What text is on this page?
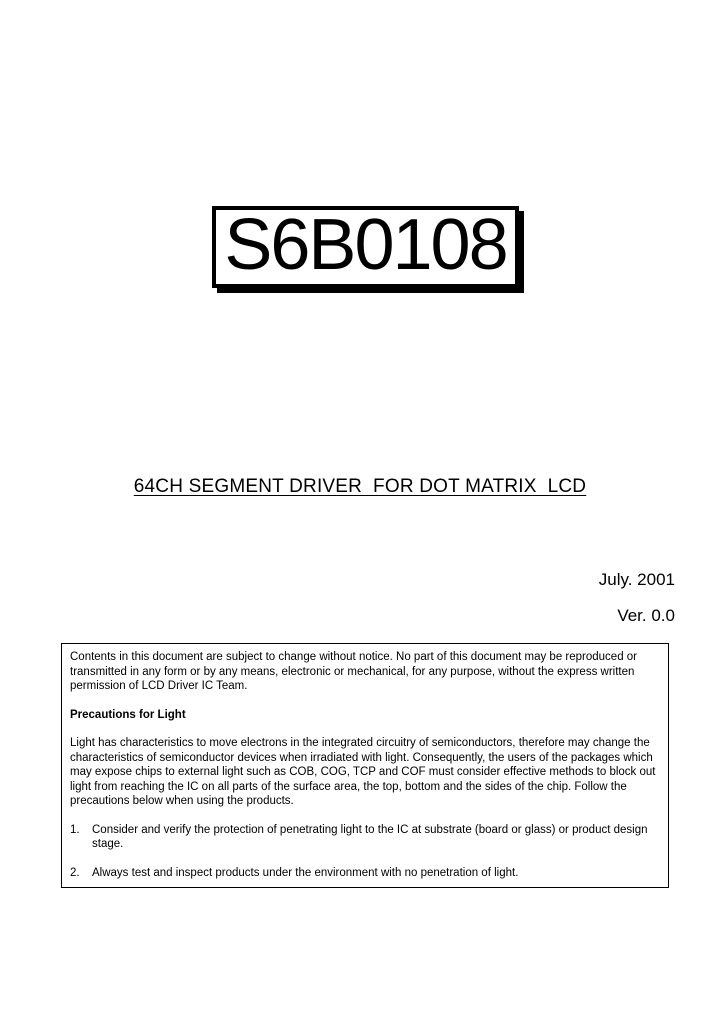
S6B0108
64CH SEGMENT DRIVER  FOR DOT MATRIX  LCD
July. 2001
Ver. 0.0

Contents in this document are subject to change without notice. No part of this document may be reproduced or transmitted in any form or by any means, electronic or mechanical, for any purpose, without the express written permission of LCD Driver IC Team.

Precautions for Light

Light has characteristics to move electrons in the integrated circuitry of semiconductors, therefore may change the characteristics of semiconductor devices when irradiated with light. Consequently, the users of the packages which may expose chips to external light such as COB, COG, TCP and COF must consider effective methods to block out light from reaching the IC on all parts of the surface area, the top, bottom and the sides of the chip. Follow the precautions below when using the products.

1.	Consider and verify the protection of penetrating light to the IC at substrate (board or glass) or product design stage.
2.	Always test and inspect products under the environment with no penetration of light.
